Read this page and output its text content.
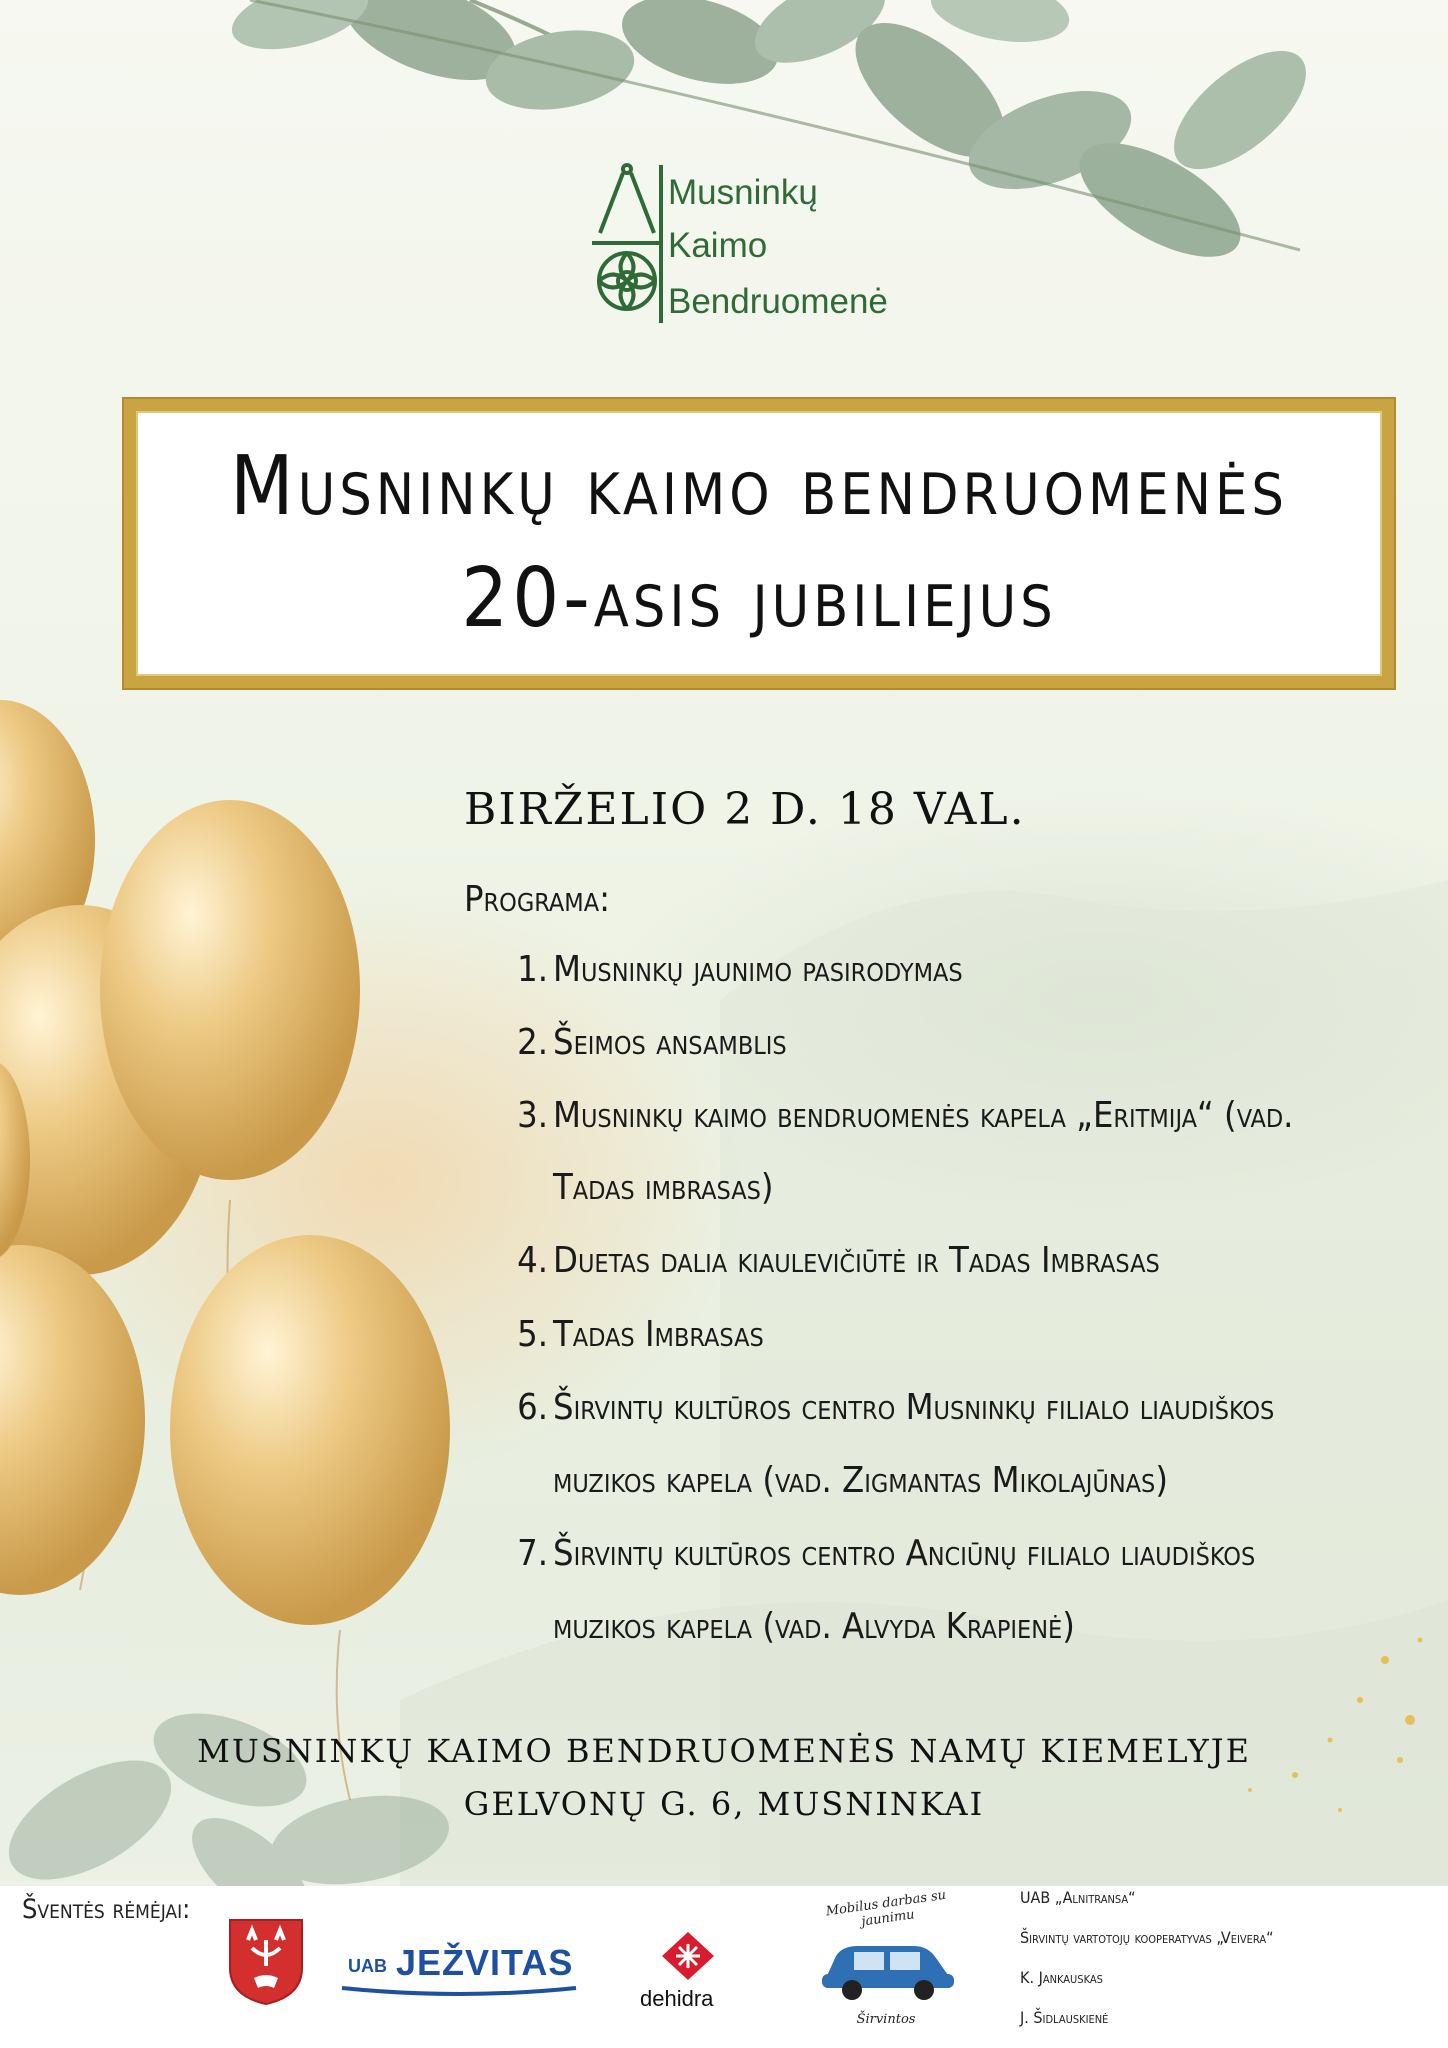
Musninkų
Kaimo
Bendruomenė
Musninkų kaimo bendruomenės
20-asis jubiliejus
BIRŽELIO 2 D. 18 VAL.
Programa:
1. Musninkų jaunimo pasirodymas
2. Šeimos ansamblis
3. Musninkų kaimo bendruomenės kapela „Eritmija“ (vad.
Tadas imbrasas)
4. Duetas dalia kiaulevičiūtė ir Tadas Imbrasas
5. Tadas Imbrasas
6. Širvintų kultūros centro Musninkų filialo liaudiškos
muzikos kapela (vad. Zigmantas Mikolajūnas)
7. Širvintų kultūros centro Anciūnų filialo liaudiškos
muzikos kapela (vad. Alvyda Krapienė)
MUSNINKŲ KAIMO BENDRUOMENĖS NAMŲ KIEMELYJE
GELVONŲ G. 6, MUSNINKAI
Šventės rėmėjai:
UAB JEŽVITAS
dehidra
Mobilus darbas su jaunimu
Širvintos
UAB „Alnitransa“
Širvintų vartotojų kooperatyvas „Veivera“
K. Jankauskas
J. Šidlauskienė
